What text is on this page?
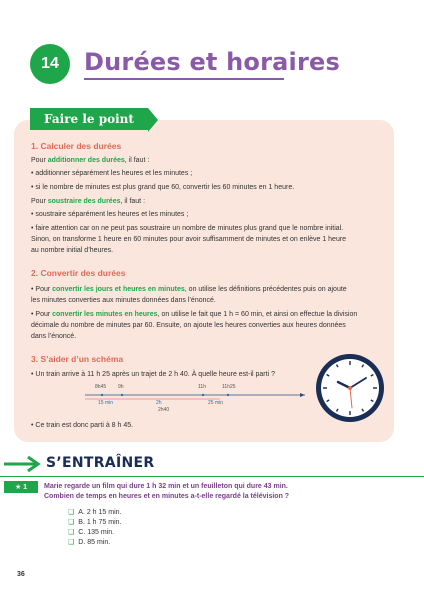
14	Durées et horaires
Faire le point
1. Calculer des durées
Pour additionner des durées, il faut :
• additionner séparément les heures et les minutes ;
• si le nombre de minutes est plus grand que 60, convertir les 60 minutes en 1 heure.
Pour soustraire des durées, il faut :
• soustraire séparément les heures et les minutes ;
• faire attention car on ne peut pas soustraire un nombre de minutes plus grand que le nombre initial.
Sinon, on transforme 1 heure en 60 minutes pour avoir suffisamment de minutes et on enlève 1 heure
au nombre initial d’heures.
2. Convertir des durées
• Pour convertir les jours et heures en minutes, on utilise les définitions précédentes puis on ajoute
les minutes converties aux minutes données dans l’énoncé.
• Pour convertir les minutes en heures, on utilise le fait que 1 h = 60 min, et ainsi on effectue la division
décimale du nombre de minutes par 60. Ensuite, on ajoute les heures converties aux heures données
dans l’énoncé.
3. S’aider d’un schéma
• Un train arrive à 11 h 25 après un trajet de 2 h 40. À quelle heure est-il parti ?
8h45 9h	11h	11h25
15 min	2h	25 min
2h40
• Ce train est donc parti à 8 h 45.
S’ENTRAÎNER
★ 1	Marie regarde un film qui dure 1 h 32 min et un feuilleton qui dure 43 min.
Combien de temps en heures et en minutes a-t-elle regardé la télévision ?
❑ A. 2 h 15 min.
❑ B. 1 h 75 min.
❑ C. 135 min.
❑ D. 85 min.
36
